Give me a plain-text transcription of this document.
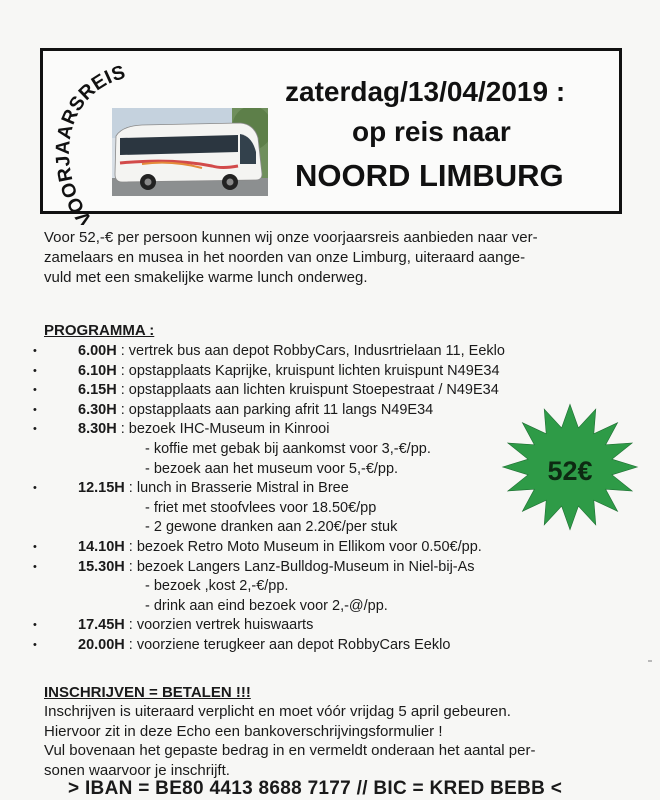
VOORJAARSREIS
zaterdag/13/04/2019 :
op reis naar
NOORD LIMBURG
Voor 52,-€ per persoon kunnen wij onze voorjaarsreis aanbieden naar ver-
zamelaars en musea in het noorden van onze Limburg, uiteraard aange-
vuld met een smakelijke warme lunch onderweg.
PROGRAMMA :
•	6.00H : vertrek bus aan depot RobbyCars, Indusrtrielaan 11, Eeklo
•	6.10H : opstapplaats Kaprijke, kruispunt lichten kruispunt N49E34
•	6.15H : opstapplaats aan lichten kruispunt Stoepestraat / N49E34
•	6.30H : opstapplaats aan parking afrit 11 langs N49E34
•	8.30H : bezoek IHC-Museum in Kinrooi
- koffie met gebak bij aankomst voor 3,-€/pp.
- bezoek aan het museum voor 5,-€/pp.
•	12.15H : lunch in Brasserie Mistral in Bree
- friet met stoofvlees voor 18.50€/pp
- 2 gewone dranken aan 2.20€/per stuk
•	14.10H : bezoek Retro Moto Museum in Ellikom voor 0.50€/pp.
•	15.30H : bezoek Langers Lanz-Bulldog-Museum in Niel-bij-As
- bezoek ,kost 2,-€/pp.
- drink aan eind bezoek voor 2,-@/pp.
•	17.45H : voorzien vertrek huiswaarts
•	20.00H : voorziene terugkeer aan depot RobbyCars Eeklo
52€
INSCHRIJVEN = BETALEN !!!

Inschrijven is uiteraard verplicht en moet vóór vrijdag 5 april gebeuren.

Hiervoor zit in deze Echo een bankoverschrijvingsformulier !

Vul bovenaan het gepaste bedrag in en vermeldt onderaan het aantal per-

sonen waarvoor je inschrijft.

> IBAN = BE80 4413 8688 7177 // BIC = KRED BEBB <
